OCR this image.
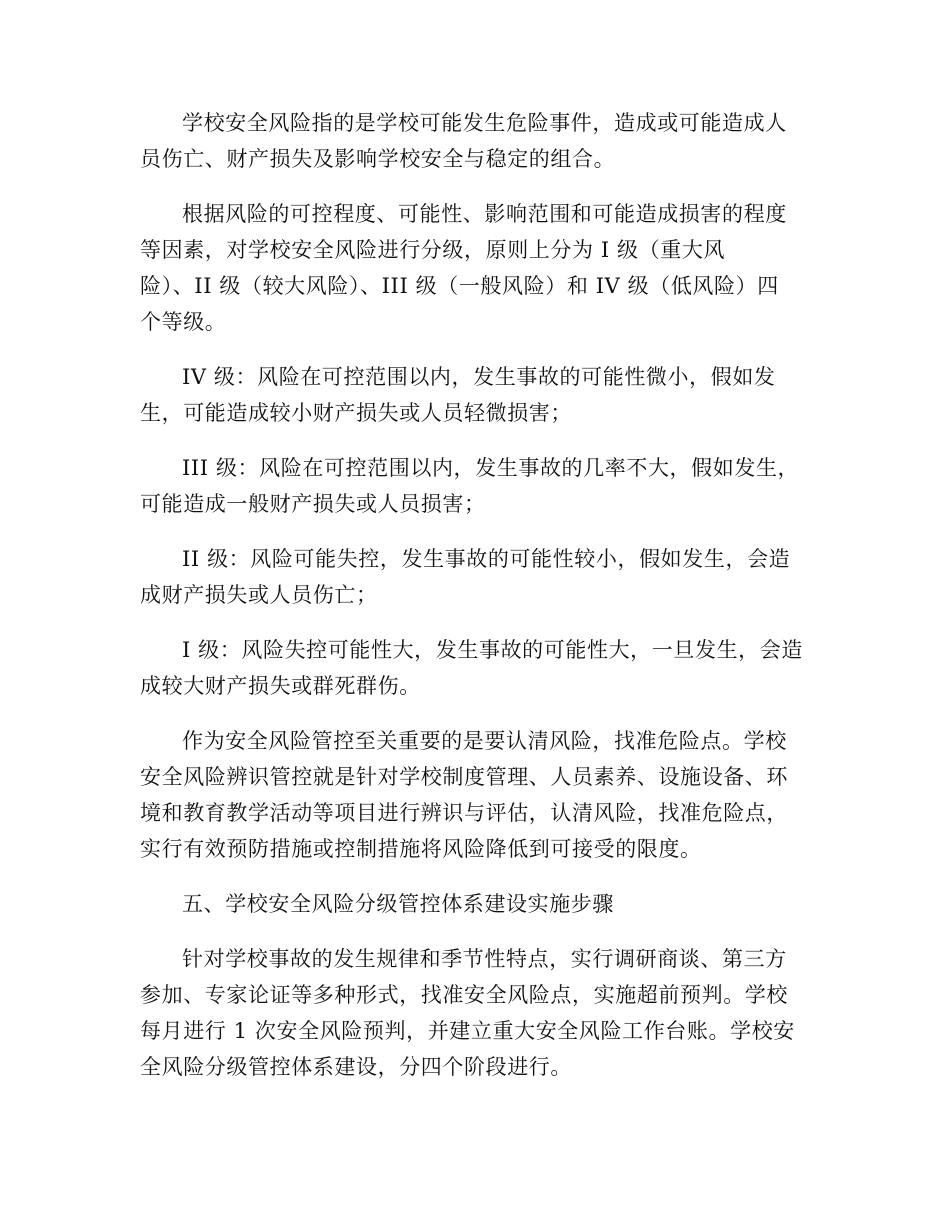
学校安全风险指的是学校可能发生危险事件，造成或可能造成人
员伤亡、财产损失及影响学校安全与稳定的组合。
根据风险的可控程度、可能性、影响范围和可能造成损害的程度
等因素，对学校安全风险进行分级，原则上分为 I 级（重大风
险）、II 级（较大风险）、III 级（一般风险）和 IV 级（低风险）四
个等级。
IV 级：风险在可控范围以内，发生事故的可能性微小，假如发
生，可能造成较小财产损失或人员轻微损害；
III 级：风险在可控范围以内，发生事故的几率不大，假如发生，
可能造成一般财产损失或人员损害；
II 级：风险可能失控，发生事故的可能性较小，假如发生，会造
成财产损失或人员伤亡；
I 级：风险失控可能性大，发生事故的可能性大，一旦发生，会造
成较大财产损失或群死群伤。
作为安全风险管控至关重要的是要认清风险，找准危险点。学校
安全风险辨识管控就是针对学校制度管理、人员素养、设施设备、环
境和教育教学活动等项目进行辨识与评估，认清风险，找准危险点，
实行有效预防措施或控制措施将风险降低到可接受的限度。
五、学校安全风险分级管控体系建设实施步骤
针对学校事故的发生规律和季节性特点，实行调研商谈、第三方
参加、专家论证等多种形式，找准安全风险点，实施超前预判。学校
每月进行 1 次安全风险预判，并建立重大安全风险工作台账。学校安
全风险分级管控体系建设，分四个阶段进行。
